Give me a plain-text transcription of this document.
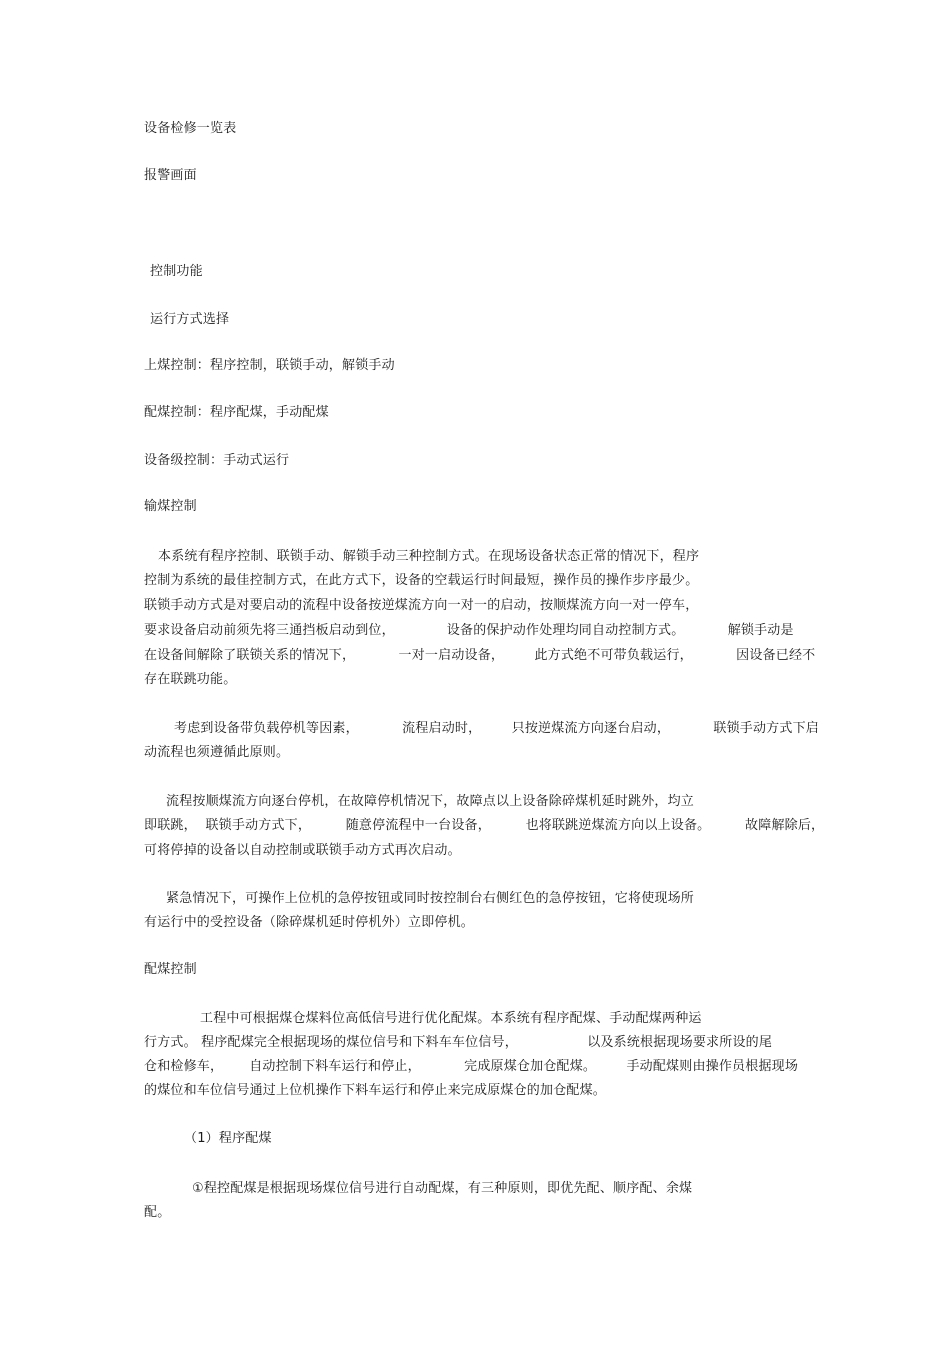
设备检修一览表
报警画面
控制功能
运行方式选择
上煤控制：程序控制，联锁手动，解锁手动
配煤控制：程序配煤，手动配煤
设备级控制：手动式运行
输煤控制
本系统有程序控制、联锁手动、解锁手动三种控制方式。在现场设备状态正常的情况下，程序
控制为系统的最佳控制方式，在此方式下，设备的空载运行时间最短，操作员的操作步序最少。
联锁手动方式是对要启动的流程中设备按逆煤流方向一对一的启动，按顺煤流方向一对一停车，
要求设备启动前须先将三通挡板启动到位，            设备的保护动作处理均同自动控制方式。          解锁手动是
在设备间解除了联锁关系的情况下，          一对一启动设备，       此方式绝不可带负载运行，          因设备已经不
存在联跳功能。
考虑到设备带负载停机等因素，          流程启动时，       只按逆煤流方向逐台启动，          联锁手动方式下启
动流程也须遵循此原则。
流程按顺煤流方向逐台停机，在故障停机情况下，故障点以上设备除碎煤机延时跳外，均立
即联跳，  联锁手动方式下，        随意停流程中一台设备，        也将联跳逆煤流方向以上设备。        故障解除后，
可将停掉的设备以自动控制或联锁手动方式再次启动。
紧急情况下，可操作上位机的急停按钮或同时按控制台右侧红色的急停按钮，它将使现场所
有运行中的受控设备（除碎煤机延时停机外）立即停机。
配煤控制
工程中可根据煤仓煤料位高低信号进行优化配煤。本系统有程序配煤、手动配煤两种运
行方式。 程序配煤完全根据现场的煤位信号和下料车车位信号，                以及系统根据现场要求所设的尾
仓和检修车，      自动控制下料车运行和停止，          完成原煤仓加仓配煤。       手动配煤则由操作员根据现场
的煤位和车位信号通过上位机操作下料车运行和停止来完成原煤仓的加仓配煤。
（1）程序配煤
①程控配煤是根据现场煤位信号进行自动配煤，有三种原则，即优先配、顺序配、余煤
配。
